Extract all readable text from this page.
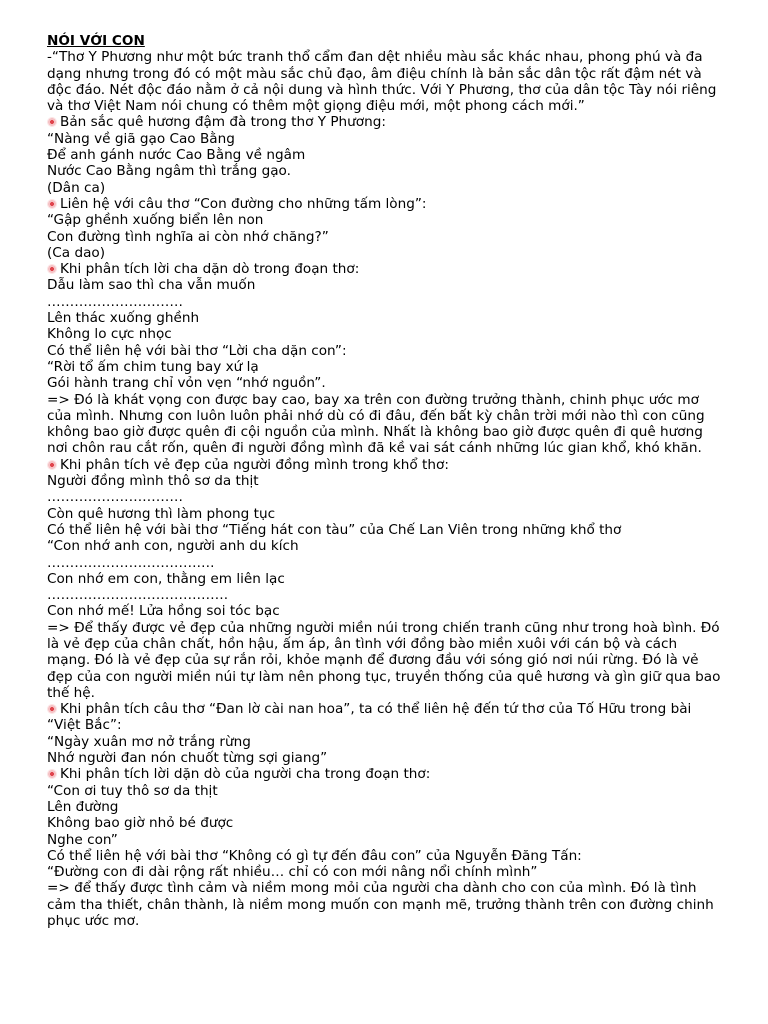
NÓI VỚI CON
-“Thơ Y Phương như một bức tranh thổ cẩm đan dệt nhiều màu sắc khác nhau, phong phú và đa dạng nhưng trong đó có một màu sắc chủ đạo, âm điệu chính là bản sắc dân tộc rất đậm nét và độc đáo. Nét độc đáo nằm ở cả nội dung và hình thức. Với Y Phương, thơ của dân tộc Tày nói riêng và thơ Việt Nam nói chung có thêm một giọng điệu mới, một phong cách mới.”
Bản sắc quê hương đậm đà trong thơ Y Phương:
“Nàng về giã gạo Cao Bằng
Để anh gánh nước Cao Bằng về ngâm
Nước Cao Bằng ngâm thì trắng gạo.
(Dân ca)
Liên hệ với câu thơ “Con đường cho những tấm lòng”:
“Gập ghềnh xuống biển lên non
Con đường tình nghĩa ai còn nhớ chăng?”
(Ca dao)
Khi phân tích lời cha dặn dò trong đoạn thơ:
Dẫu làm sao thì cha vẫn muốn
…………………………
Lên thác xuống ghềnh
Không lo cực nhọc
Có thể liên hệ với bài thơ “Lời cha dặn con”:
“Rời tổ ấm chim tung bay xứ lạ
Gói hành trang chỉ vỏn vẹn “nhớ nguồn”.
=> Đó là khát vọng con được bay cao, bay xa trên con đường trưởng thành, chinh phục ước mơ của mình. Nhưng con luôn luôn phải nhớ dù có đi đâu, đến bất kỳ chân trời mới nào thì con cũng không bao giờ được quên đi cội nguồn của mình. Nhất là không bao giờ được quên đi quê hương nơi chôn rau cắt rốn, quên đi người đồng mình đã kề vai sát cánh những lúc gian khổ, khó khăn.
Khi phân tích vẻ đẹp của người đồng mình trong khổ thơ:
Người đồng mình thô sơ da thịt
…………………………
Còn quê hương thì làm phong tục
Có thể liên hệ với bài thơ “Tiếng hát con tàu” của Chế Lan Viên trong những khổ thơ
“Con nhớ anh con, người anh du kích
……………………………….
Con nhớ em con, thằng em liên lạc
………………………………….
Con nhớ mế! Lửa hồng soi tóc bạc
=> Để thấy được vẻ đẹp của những người miền núi trong chiến tranh cũng như trong hoà bình. Đó là vẻ đẹp của chân chất, hồn hậu, ấm áp, ân tình với đồng bào miền xuôi với cán bộ và cách mạng. Đó là vẻ đẹp của sự rắn rỏi, khỏe mạnh để đương đầu với sóng gió nơi núi rừng. Đó là vẻ đẹp của con người miền núi tự làm nên phong tục, truyền thống của quê hương và gìn giữ qua bao thế hệ.
Khi phân tích câu thơ “Đan lờ cài nan hoa”, ta có thể liên hệ đến tứ thơ của Tố Hữu trong bài “Việt Bắc”:
“Ngày xuân mơ nở trắng rừng
Nhớ người đan nón chuốt từng sợi giang”
Khi phân tích lời dặn dò của người cha trong đoạn thơ:
“Con ơi tuy thô sơ da thịt
Lên đường
Không bao giờ nhỏ bé được
Nghe con”
Có thể liên hệ với bài thơ “Không có gì tự đến đâu con” của Nguyễn Đăng Tấn:
“Đường con đi dài rộng rất nhiều… chỉ có con mới nâng nổi chính mình”
=> để thấy được tình cảm và niềm mong mỏi của người cha dành cho con của mình. Đó là tình cảm tha thiết, chân thành, là niềm mong muốn con mạnh mẽ, trưởng thành trên con đường chinh phục ước mơ.
